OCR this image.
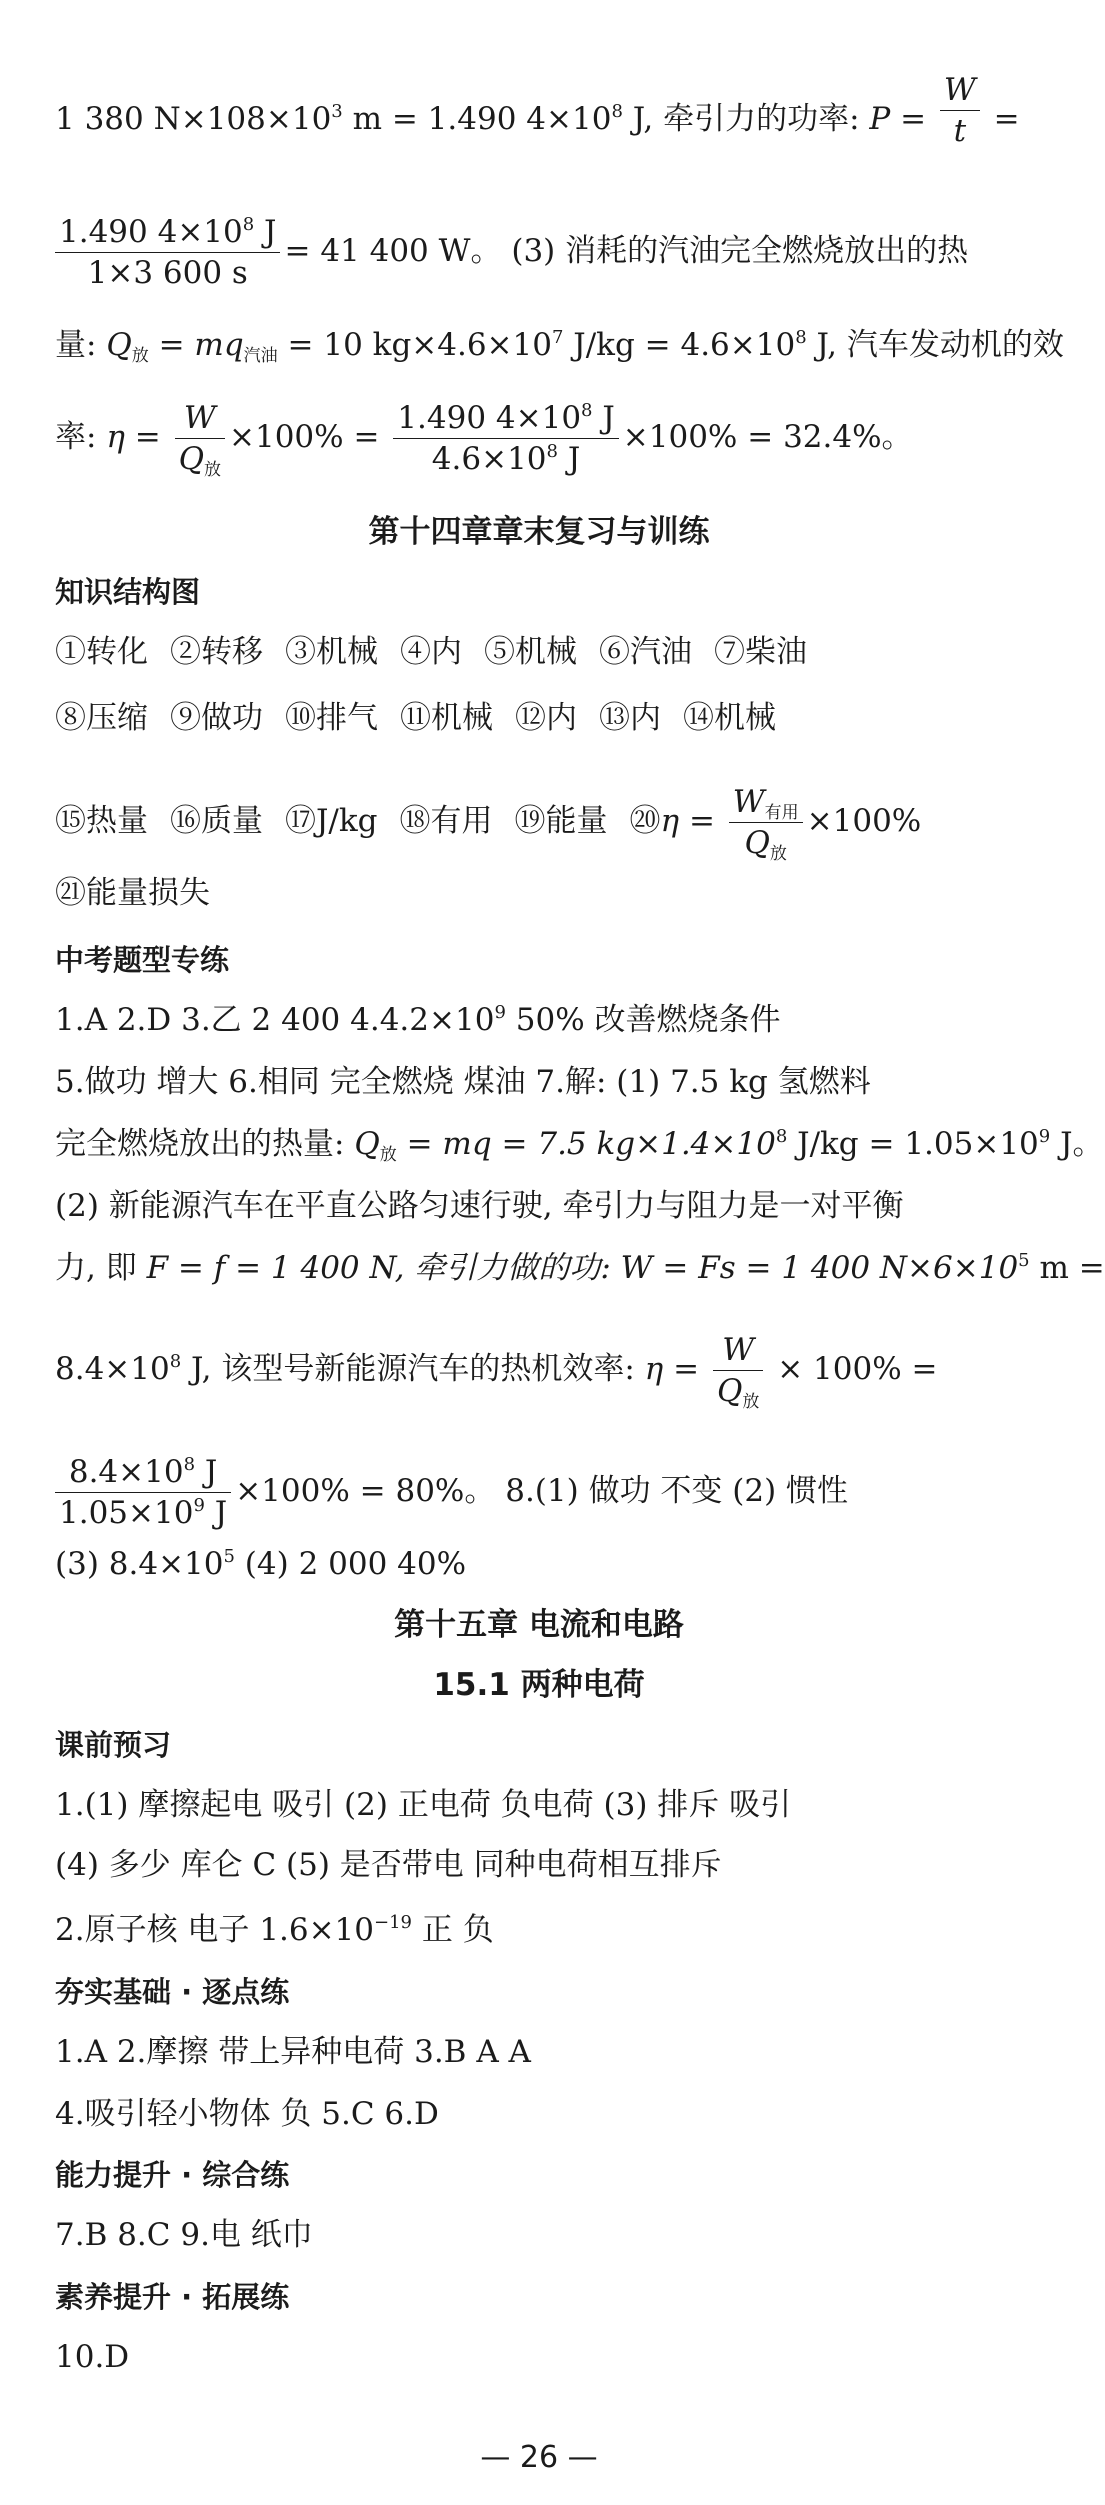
1 380 $N\times 108\times 10^3$ m = 1.490 $4\times 10^8$ J, 牵引力的功率: $P = \frac{W}{t}$ =
$\frac{1.490 4\times 10^8 J}{1\times 3 600 s} = 41$ 400 W。 (3) 消耗的汽油完全燃烧放出的热
量: $Q_放 = mq_{汽油} = 10$ $kg\times 4.6\times 10^7$ $J/kg = 4.6\times 10^8$ J, 汽车发动机的效
率: $\eta = \frac{W}{Q_放} \times 100\% = \frac{1.490 4\times 10^8 J}{4.6\times 10^8 J} \times 100\% = 32.4\%$。
第十四章章末复习与训练
知识结构图
①转化 ②转移 ③机械 ④内 ⑤机械 ⑥汽油 ⑦柴油
⑧压缩 ⑨做功 ⑩排气 ⑪机械 ⑫内 ⑬内 ⑭机械
⑮热量 ⑯质量 ⑰J/kg ⑱有用 ⑲能量 ⑳η = $\frac{W_{有用}}{Q_放} \times 100\%$
㉑能量损失
中考题型专练
1.A 2.D 3.乙 2 400 $4.4.2\times 10^9$ 50% 改善燃烧条件
5.做功 增大 6.相同 完全燃烧 煤油 7.解: (1) 7.5 kg 氢燃料
完全燃烧放出的热量: $Q_放$ = mq = 7.5 $kg\times 1.4\times 10^8$ $J/kg = 1.05\times 10^9$ J。
(2) 新能源汽车在平直公路匀速行驶, 牵引力与阻力是一对平衡
力, 即 F = f = 1 400 N, 牵引力做的功: W = Fs = 1 400 $N\times 6\times 10^5$ m =
$8.4\times 10^8$ J, 该型号新能源汽车的热机效率: $\eta = \frac{W}{Q_放} \times 100\%$ =
$\frac{8.4\times 10^8 J}{1.05\times 10^9 J} \times 100\% = 80\%$。 8.(1) 做功 不变 (2) 惯性
(3) $8.4\times 10^5$ (4) 2 000 40%
第十五章 电流和电路
15.1 两种电荷
课前预习
1.(1) 摩擦起电 吸引 (2) 正电荷 负电荷 (3) 排斥 吸引
(4) 多少 库仑 C (5) 是否带电 同种电荷相互排斥
2.原子核 电子 $1.6\times 10^{-19}$ 正 负
夯实基础 · 逐点练
1.A 2.摩擦 带上异种电荷 3.B A A
4.吸引轻小物体 负 5.C 6.D
能力提升 · 综合练
7.B 8.C 9.电 纸巾
素养提升 · 拓展练
10.D
— 26 —
